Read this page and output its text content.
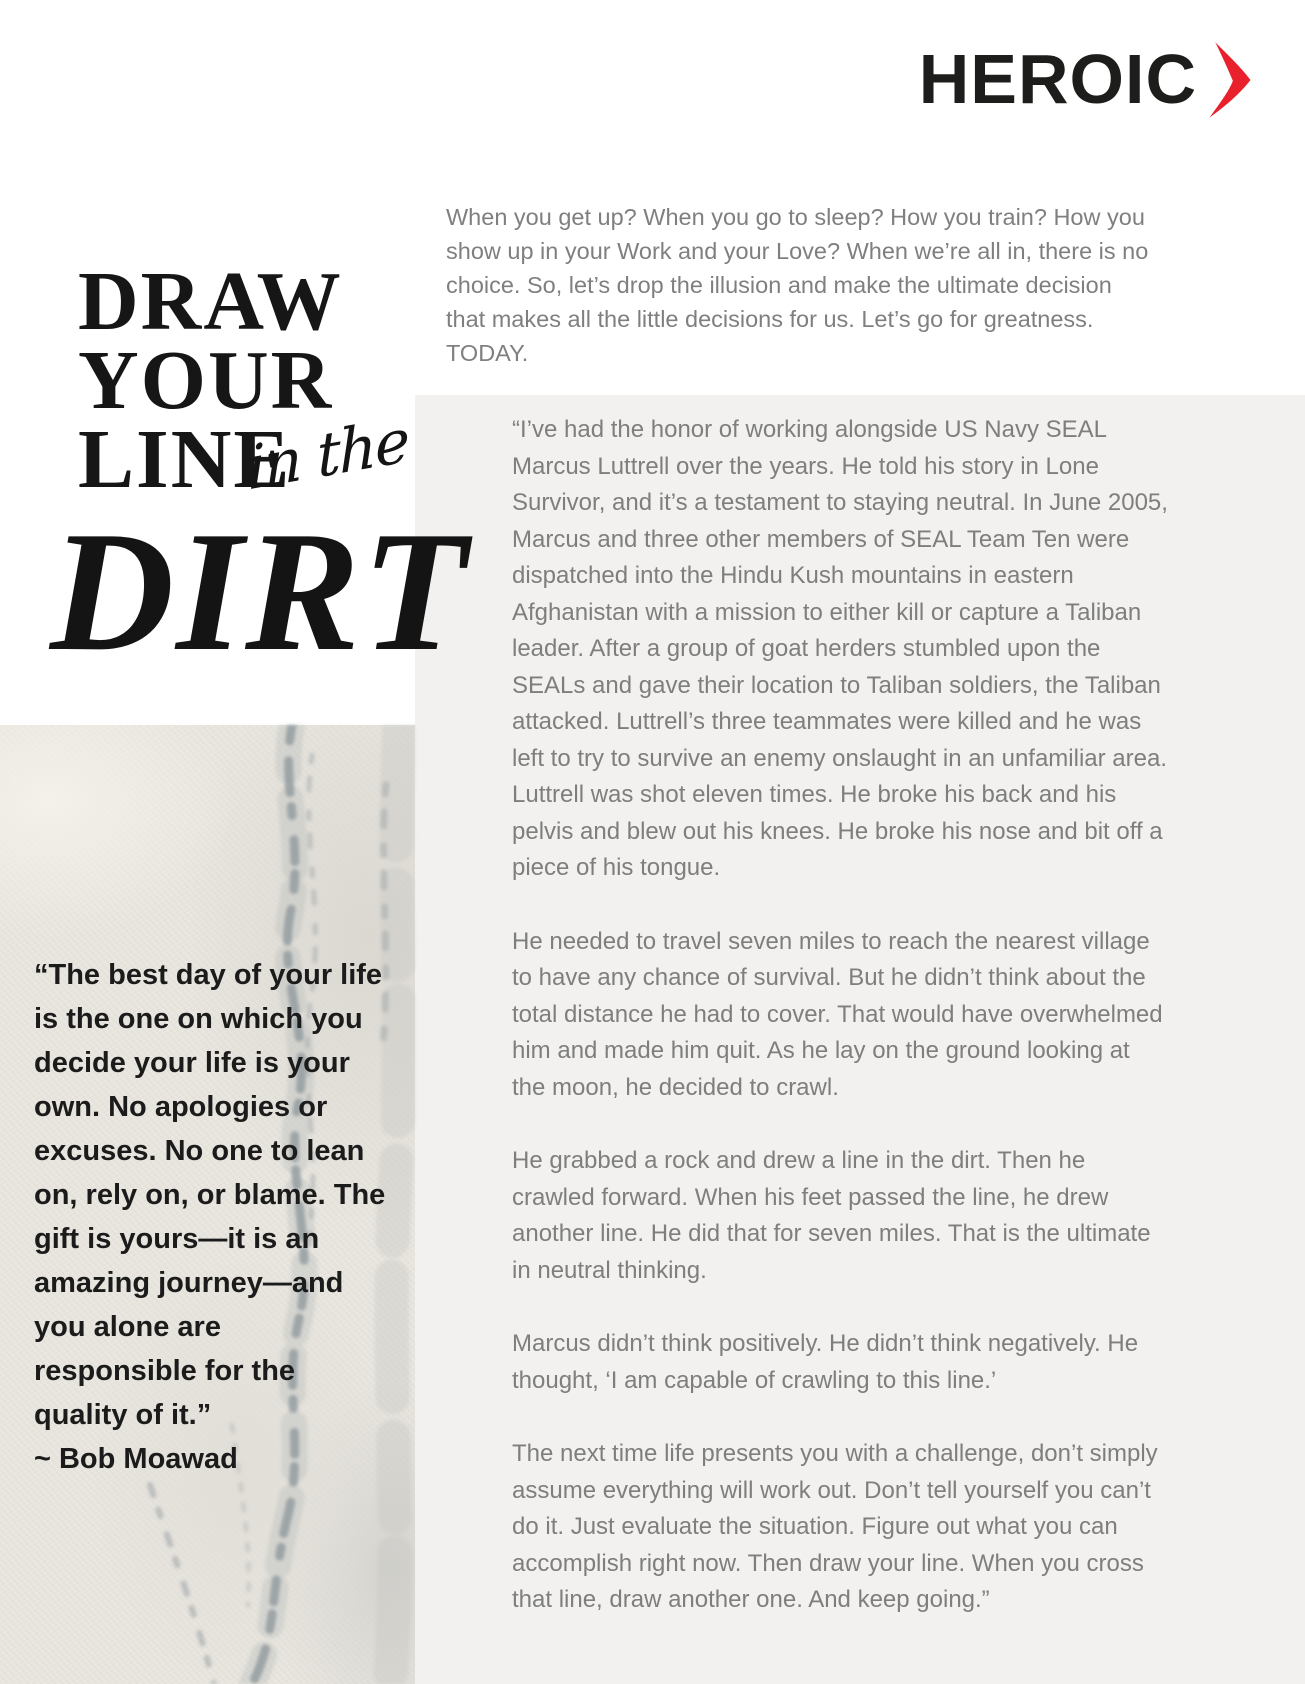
HEROIC

When you get up? When you go to sleep? How you train? How you show up in your Work and your Love? When we’re all in, there is no choice. So, let’s drop the illusion and make the ultimate decision that makes all the little decisions for us. Let’s go for greatness. TODAY.

“The best day of your life is the one on which you decide your life is your own. No apologies or excuses. No one to lean on, rely on, or blame. The gift is yours—it is an amazing journey—and you alone are responsible for the quality of it.”

~ Bob Moawad

DRAW
YOUR
LINE
in the
DIRT

“I’ve had the honor of working alongside US Navy SEAL Marcus Luttrell over the years. He told his story in Lone Survivor, and it’s a testament to staying neutral. In June 2005, Marcus and three other members of SEAL Team Ten were dispatched into the Hindu Kush mountains in eastern Afghanistan with a mission to either kill or capture a Taliban leader. After a group of goat herders stumbled upon the SEALs and gave their location to Taliban soldiers, the Taliban attacked. Luttrell’s three teammates were killed and he was left to try to survive an enemy onslaught in an unfamiliar area. Luttrell was shot eleven times. He broke his back and his pelvis and blew out his knees. He broke his nose and bit off a piece of his tongue.

He needed to travel seven miles to reach the nearest village to have any chance of survival. But he didn’t think about the total distance he had to cover. That would have overwhelmed him and made him quit. As he lay on the ground looking at the moon, he decided to crawl.

He grabbed a rock and drew a line in the dirt. Then he crawled forward. When his feet passed the line, he drew another line. He did that for seven miles. That is the ultimate in neutral thinking.

Marcus didn’t think positively. He didn’t think negatively. He thought, ‘I am capable of crawling to this line.’

The next time life presents you with a challenge, don’t simply assume everything will work out. Don’t tell yourself you can’t do it. Just evaluate the situation. Figure out what you can accomplish right now. Then draw your line. When you cross that line, draw another one. And keep going.”
